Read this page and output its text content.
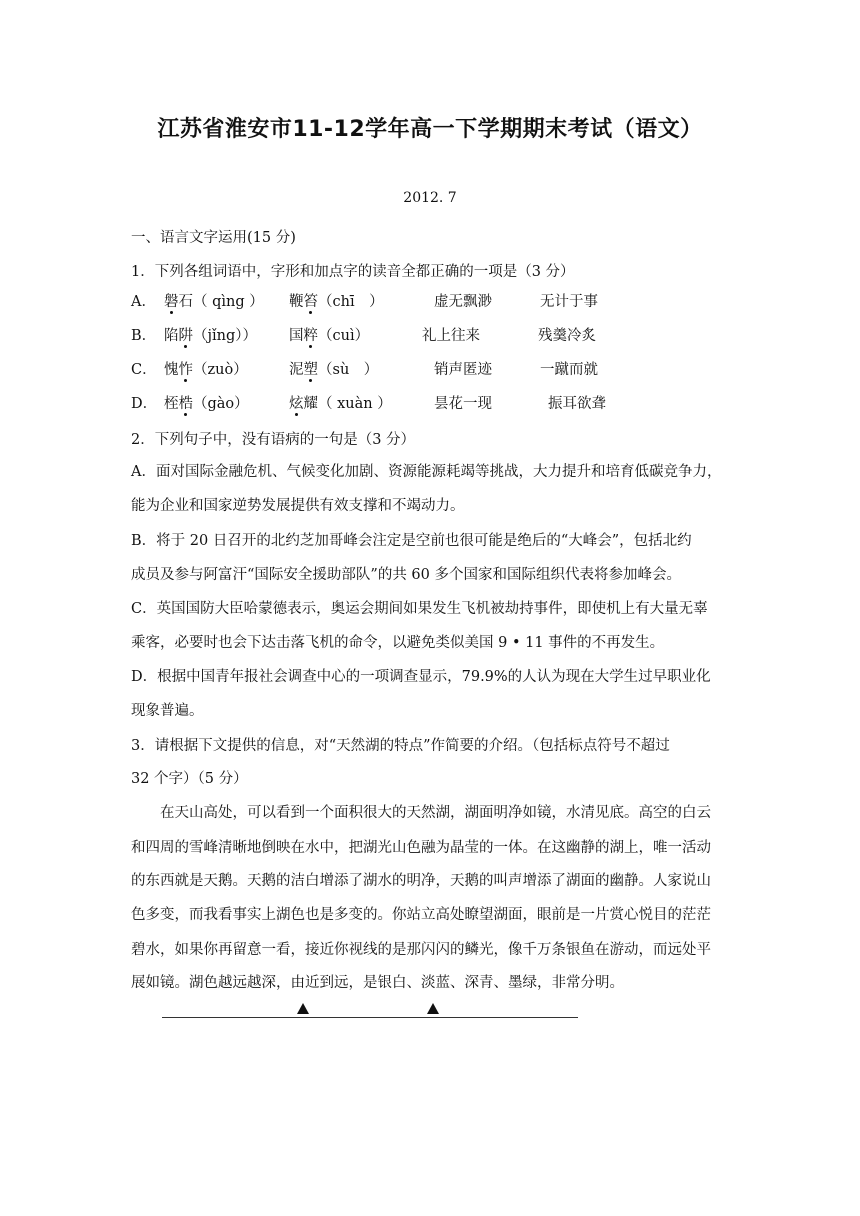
江苏省淮安市11-12学年高一下学期期末考试（语文）
2012. 7
一、语言文字运用(15 分)
1．下列各组词语中，字形和加点字的读音全都正确的一项是（3 分）
A． 磐石（ qìng ） 鞭笞（chī　）	虚无飘渺	无计于事
B． 陷阱（jǐng）） 国粹（cuì）	礼上往来	残羹冷炙
C． 愧怍（zuò）	泥塑（sù　）	销声匿迹	一蹴而就
D． 桎梏（gào）	炫耀（ xuàn ）	昙花一现	振耳欲聋
2．下列句子中，没有语病的一句是（3 分）
A．面对国际金融危机、气候变化加剧、资源能源耗竭等挑战，大力提升和培育低碳竞争力，
能为企业和国家逆势发展提供有效支撑和不竭动力。
B．将于 20 日召开的北约芝加哥峰会注定是空前也很可能是绝后的“大峰会”，包括北约
成员及参与阿富汗“国际安全援助部队”的共 60 多个国家和国际组织代表将参加峰会。
C．英国国防大臣哈蒙德表示，奥运会期间如果发生飞机被劫持事件，即使机上有大量无辜
乘客，必要时也会下达击落飞机的命令，以避免类似美国 9 • 11 事件的不再发生。
D．根据中国青年报社会调查中心的一项调查显示，79.9%的人认为现在大学生过早职业化
现象普遍。
3．请根据下文提供的信息，对“天然湖的特点”作简要的介绍。（包括标点符号不超过
32 个字）（5 分）
在天山高处，可以看到一个面积很大的天然湖，湖面明净如镜，水清见底。高空的白云
和四周的雪峰清晰地倒映在水中，把湖光山色融为晶莹的一体。在这幽静的湖上，唯一活动
的东西就是天鹅。天鹅的洁白增添了湖水的明净，天鹅的叫声增添了湖面的幽静。人家说山
色多变，而我看事实上湖色也是多变的。你站立高处瞭望湖面，眼前是一片赏心悦目的茫茫
碧水，如果你再留意一看，接近你视线的是那闪闪的鳞光，像千万条银鱼在游动，而远处平
展如镜。湖色越远越深，由近到远，是银白、淡蓝、深青、墨绿，非常分明。
